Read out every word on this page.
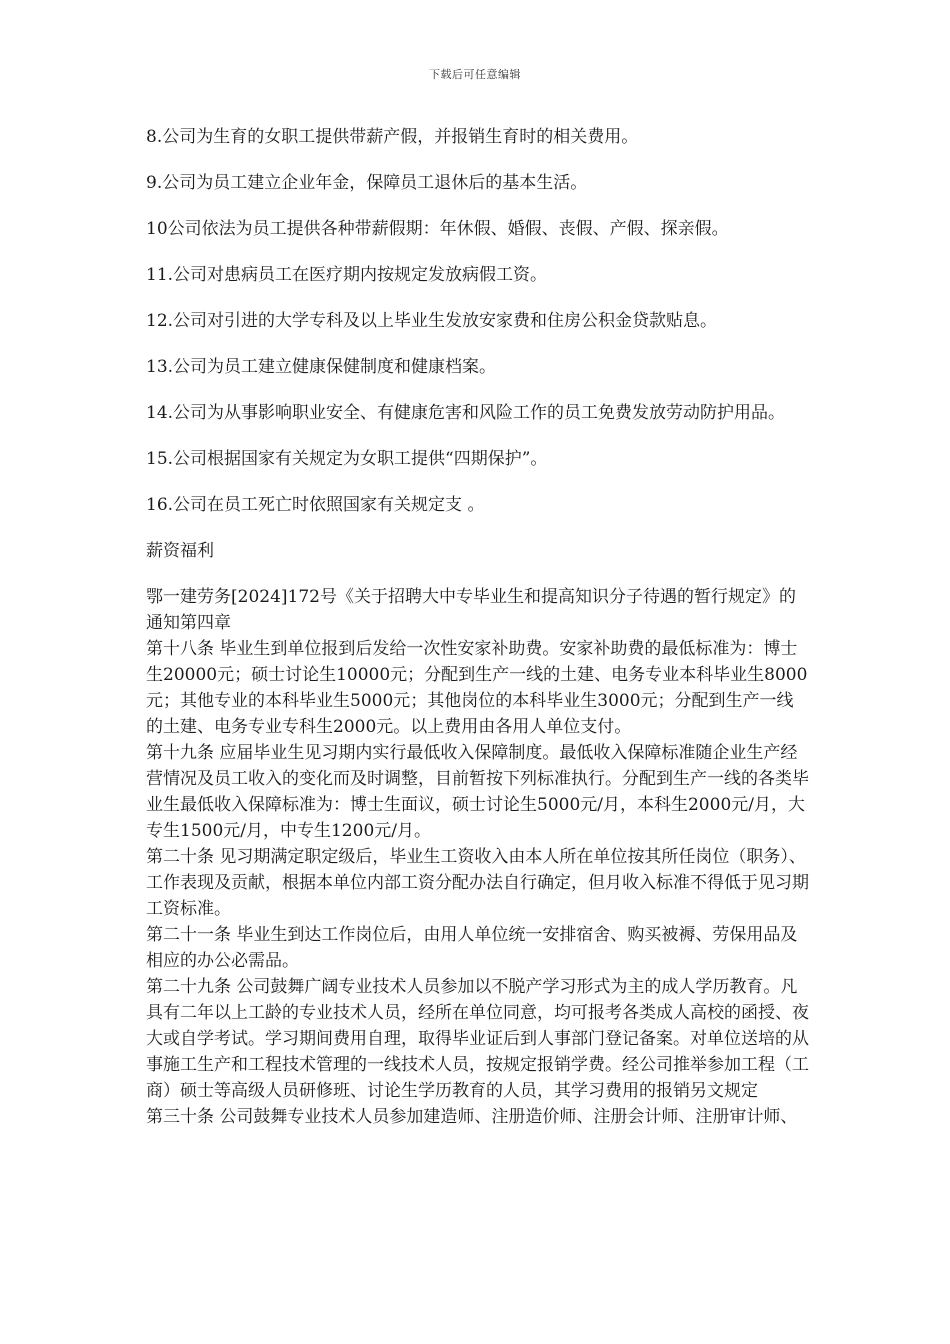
下载后可任意编辑

8.公司为生育的女职工提供带薪产假，并报销生育时的相关费用。

9.公司为员工建立企业年金，保障员工退休后的基本生活。

10公司依法为员工提供各种带薪假期：年休假、婚假、丧假、产假、探亲假。

11.公司对患病员工在医疗期内按规定发放病假工资。

12.公司对引进的大学专科及以上毕业生发放安家费和住房公积金贷款贴息。

13.公司为员工建立健康保健制度和健康档案。

14.公司为从事影响职业安全、有健康危害和风险工作的员工免费发放劳动防护用品。

15.公司根据国家有关规定为女职工提供“四期保护”。

16.公司在员工死亡时依照国家有关规定支 。

薪资福利

鄂一建劳务[2024]172号《关于招聘大中专毕业生和提高知识分子待遇的暂行规定》的通知第四章

第十八条 毕业生到单位报到后发给一次性安家补助费。安家补助费的最低标准为：博士生20000元；硕士讨论生10000元；分配到生产一线的土建、电务专业本科毕业生8000元；其他专业的本科毕业生5000元；其他岗位的本科毕业生3000元；分配到生产一线的土建、电务专业专科生2000元。以上费用由各用人单位支付。

第十九条 应届毕业生见习期内实行最低收入保障制度。最低收入保障标准随企业生产经营情况及员工收入的变化而及时调整，目前暂按下列标准执行。分配到生产一线的各类毕业生最低收入保障标准为：博士生面议，硕士讨论生5000元/月，本科生2000元/月，大专生1500元/月，中专生1200元/月。

第二十条 见习期满定职定级后，毕业生工资收入由本人所在单位按其所任岗位（职务）、工作表现及贡献，根据本单位内部工资分配办法自行确定，但月收入标准不得低于见习期工资标准。

第二十一条 毕业生到达工作岗位后，由用人单位统一安排宿舍、购买被褥、劳保用品及相应的办公必需品。

第二十九条 公司鼓舞广阔专业技术人员参加以不脱产学习形式为主的成人学历教育。凡具有二年以上工龄的专业技术人员，经所在单位同意，均可报考各类成人高校的函授、夜大或自学考试。学习期间费用自理，取得毕业证后到人事部门登记备案。对单位送培的从事施工生产和工程技术管理的一线技术人员，按规定报销学费。经公司推举参加工程（工商）硕士等高级人员研修班、讨论生学历教育的人员，其学习费用的报销另文规定

第三十条 公司鼓舞专业技术人员参加建造师、注册造价师、注册会计师、注册审计师、
